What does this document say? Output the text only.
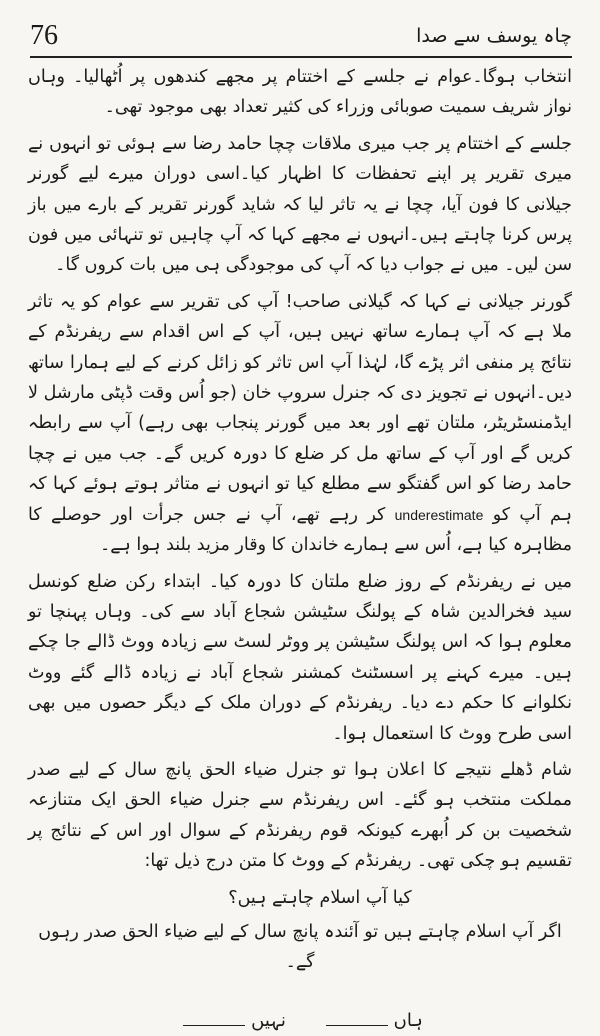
76	چاہ یوسف سے صدا

انتخاب ہوگا۔عوام نے جلسے کے اختتام پر مجھے کندھوں پر اُٹھالیا۔ وہاں نواز شریف سمیت صوبائی وزراء کی کثیر تعداد بھی موجود تھی۔

جلسے کے اختتام پر جب میری ملاقات چچا حامد رضا سے ہوئی تو انہوں نے میری تقریر پر اپنے تحفظات کا اظہار کیا۔اسی دوران میرے لیے گورنر جیلانی کا فون آیا، چچا نے یہ تاثر لیا کہ شاید گورنر تقریر کے بارے میں باز پرس کرنا چاہتے ہیں۔انہوں نے مجھے کہا کہ آپ چاہیں تو تنہائی میں فون سن لیں۔ میں نے جواب دیا کہ آپ کی موجودگی ہی میں بات کروں گا۔

گورنر جیلانی نے کہا کہ گیلانی صاحب! آپ کی تقریر سے عوام کو یہ تاثر ملا ہے کہ آپ ہمارے ساتھ نہیں ہیں، آپ کے اس اقدام سے ریفرنڈم کے نتائج پر منفی اثر پڑے گا، لہٰذا آپ اس تاثر کو زائل کرنے کے لیے ہمارا ساتھ دیں۔انہوں نے تجویز دی کہ جنرل سروپ خان (جو اُس وقت ڈپٹی مارشل لا ایڈمنسٹریٹر، ملتان تھے اور بعد میں گورنر پنجاب بھی رہے) آپ سے رابطہ کریں گے اور آپ کے ساتھ مل کر ضلع کا دورہ کریں گے۔ جب میں نے چچا حامد رضا کو اس گفتگو سے مطلع کیا تو انہوں نے متاثر ہوتے ہوئے کہا کہ ہم آپ کو underestimate کر رہے تھے، آپ نے جس جرأت اور حوصلے کا مظاہرہ کیا ہے، اُس سے ہمارے خاندان کا وقار مزید بلند ہوا ہے۔

میں نے ریفرنڈم کے روز ضلع ملتان کا دورہ کیا۔ ابتداء رکن ضلع کونسل سید فخرالدین شاہ کے پولنگ سٹیشن شجاع آباد سے کی۔ وہاں پہنچا تو معلوم ہوا کہ اس پولنگ سٹیشن پر ووٹر لسٹ سے زیادہ ووٹ ڈالے جا چکے ہیں۔ میرے کہنے پر اسسٹنٹ کمشنر شجاع آباد نے زیادہ ڈالے گئے ووٹ نکلوانے کا حکم دے دیا۔ ریفرنڈم کے دوران ملک کے دیگر حصوں میں بھی اسی طرح ووٹ کا استعمال ہوا۔

شام ڈھلے نتیجے کا اعلان ہوا تو جنرل ضیاء الحق پانچ سال کے لیے صدر مملکت منتخب ہو گئے۔ اس ریفرنڈم سے جنرل ضیاء الحق ایک متنازعہ شخصیت بن کر اُبھرے کیونکہ قوم ریفرنڈم کے سوال اور اس کے نتائج پر تقسیم ہو چکی تھی۔ ریفرنڈم کے ووٹ کا متن درج ذیل تھا:

کیا آپ اسلام چاہتے ہیں؟

اگر آپ اسلام چاہتے ہیں تو آئندہ پانچ سال کے لیے ضیاء الحق صدر رہوں گے۔

ہاں نہیں
